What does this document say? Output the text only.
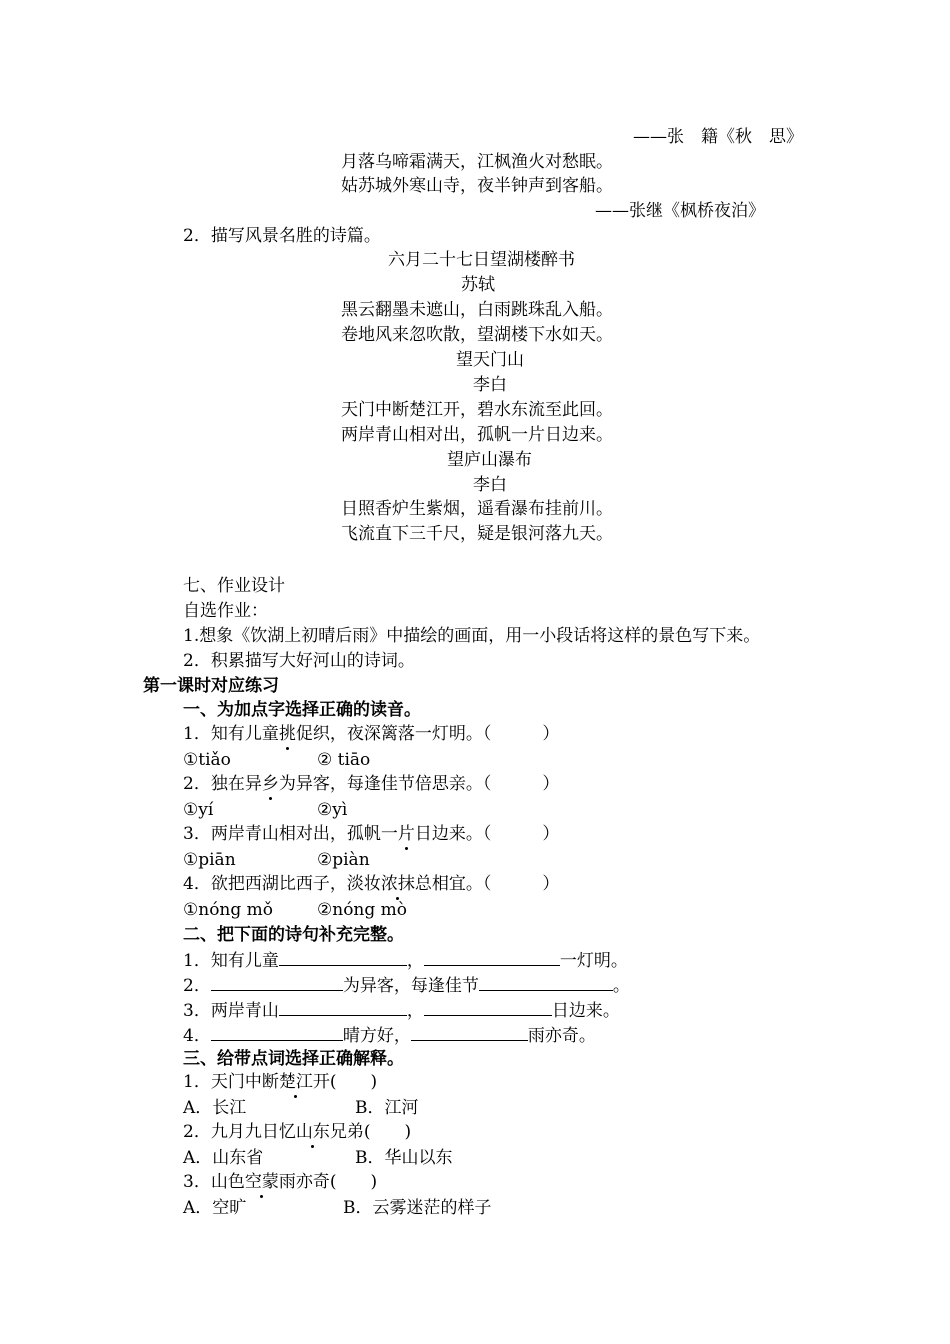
——张　籍《秋　思》
月落乌啼霜满天，江枫渔火对愁眠。
姑苏城外寒山寺，夜半钟声到客船。
——张继《枫桥夜泊》
2．描写风景名胜的诗篇。
六月二十七日望湖楼醉书
苏轼
黑云翻墨未遮山，白雨跳珠乱入船。
卷地风来忽吹散，望湖楼下水如天。
望天门山
李白
天门中断楚江开，碧水东流至此回。
两岸青山相对出，孤帆一片日边来。
望庐山瀑布
李白
日照香炉生紫烟，遥看瀑布挂前川。
飞流直下三千尺，疑是银河落九天。
七、作业设计
自选作业：
1.想象《饮湖上初晴后雨》中描绘的画面，用一小段话将这样的景色写下来。
2．积累描写大好河山的诗词。
第一课时对应练习
一、为加点字选择正确的读音。
1．知有儿童挑促织，夜深篱落一灯明。（　　　）
①tiǎo	② tiāo
2．独在异乡为异客，每逢佳节倍思亲。（　　　）
①yí	②yì
3．两岸青山相对出，孤帆一片日边来。（　　　）
①piān	②piàn
4．欲把西湖比西子，淡妆浓抹总相宜。（　　　）
①nóng mǒ	②nóng mò
二、把下面的诗句补充完整。
1．知有儿童	，	一灯明。
2．	为异客，每逢佳节	。
3．两岸青山	，	日边来。
4．	晴方好，	雨亦奇。
三、给带点词选择正确解释。
1．天门中断楚江开(　　)
A．长江	B．江河
2．九月九日忆山东兄弟(　　)
A．山东省	B．华山以东
3．山色空蒙雨亦奇(　　)
A．空旷	B．云雾迷茫的样子
